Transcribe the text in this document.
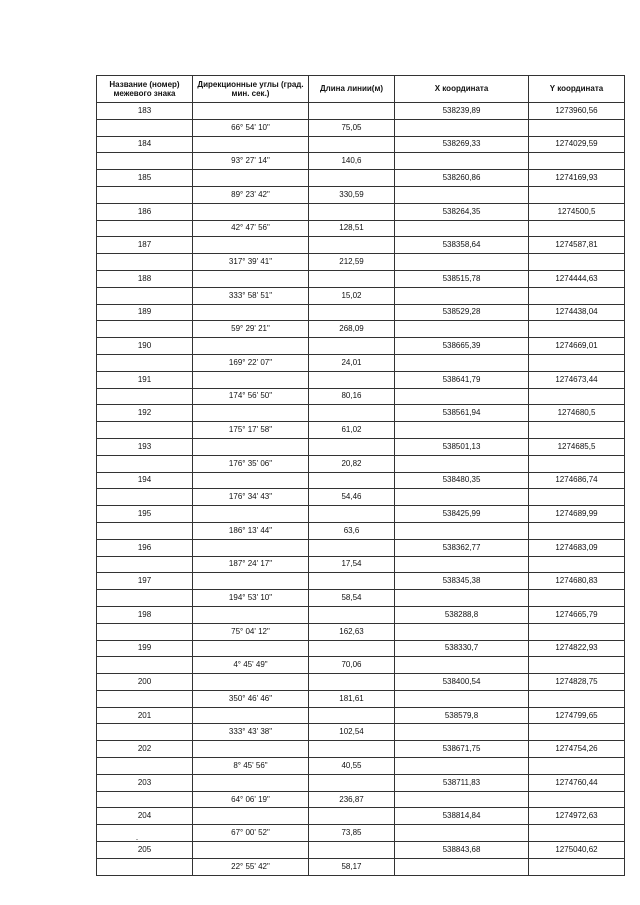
Название (номер) межевого знака	Дирекционные углы (град. мин. сек.)	Длина линии(м)	X координата	Y координата
183			538239,89	1273960,56
	66° 54' 10"	75,05		
184			538269,33	1274029,59
	93° 27' 14"	140,6		
185			538260,86	1274169,93
	89° 23' 42"	330,59		
186			538264,35	1274500,5
	42° 47' 56"	128,51		
187			538358,64	1274587,81
	317° 39' 41"	212,59		
188			538515,78	1274444,63
	333° 58' 51"	15,02		
189			538529,28	1274438,04
	59° 29' 21"	268,09		
190			538665,39	1274669,01
	169° 22' 07"	24,01		
191			538641,79	1274673,44
	174° 56' 50"	80,16		
192			538561,94	1274680,5
	175° 17' 58"	61,02		
193			538501,13	1274685,5
	176° 35' 06"	20,82		
194			538480,35	1274686,74
	176° 34' 43"	54,46		
195			538425,99	1274689,99
	186° 13' 44"	63,6		
196			538362,77	1274683,09
	187° 24' 17"	17,54		
197			538345,38	1274680,83
	194° 53' 10"	58,54		
198			538288,8	1274665,79
	75° 04' 12"	162,63		
199			538330,7	1274822,93
	4° 45' 49"	70,06		
200			538400,54	1274828,75
	350° 46' 46"	181,61		
201			538579,8	1274799,65
	333° 43' 38"	102,54		
202			538671,75	1274754,26
	8° 45' 56"	40,55		
203			538711,83	1274760,44
	64° 06' 19"	236,87		
204			538814,84	1274972,63
	67° 00' 52"	73,85		
205			538843,68	1275040,62
	22° 55' 42"	58,17		
